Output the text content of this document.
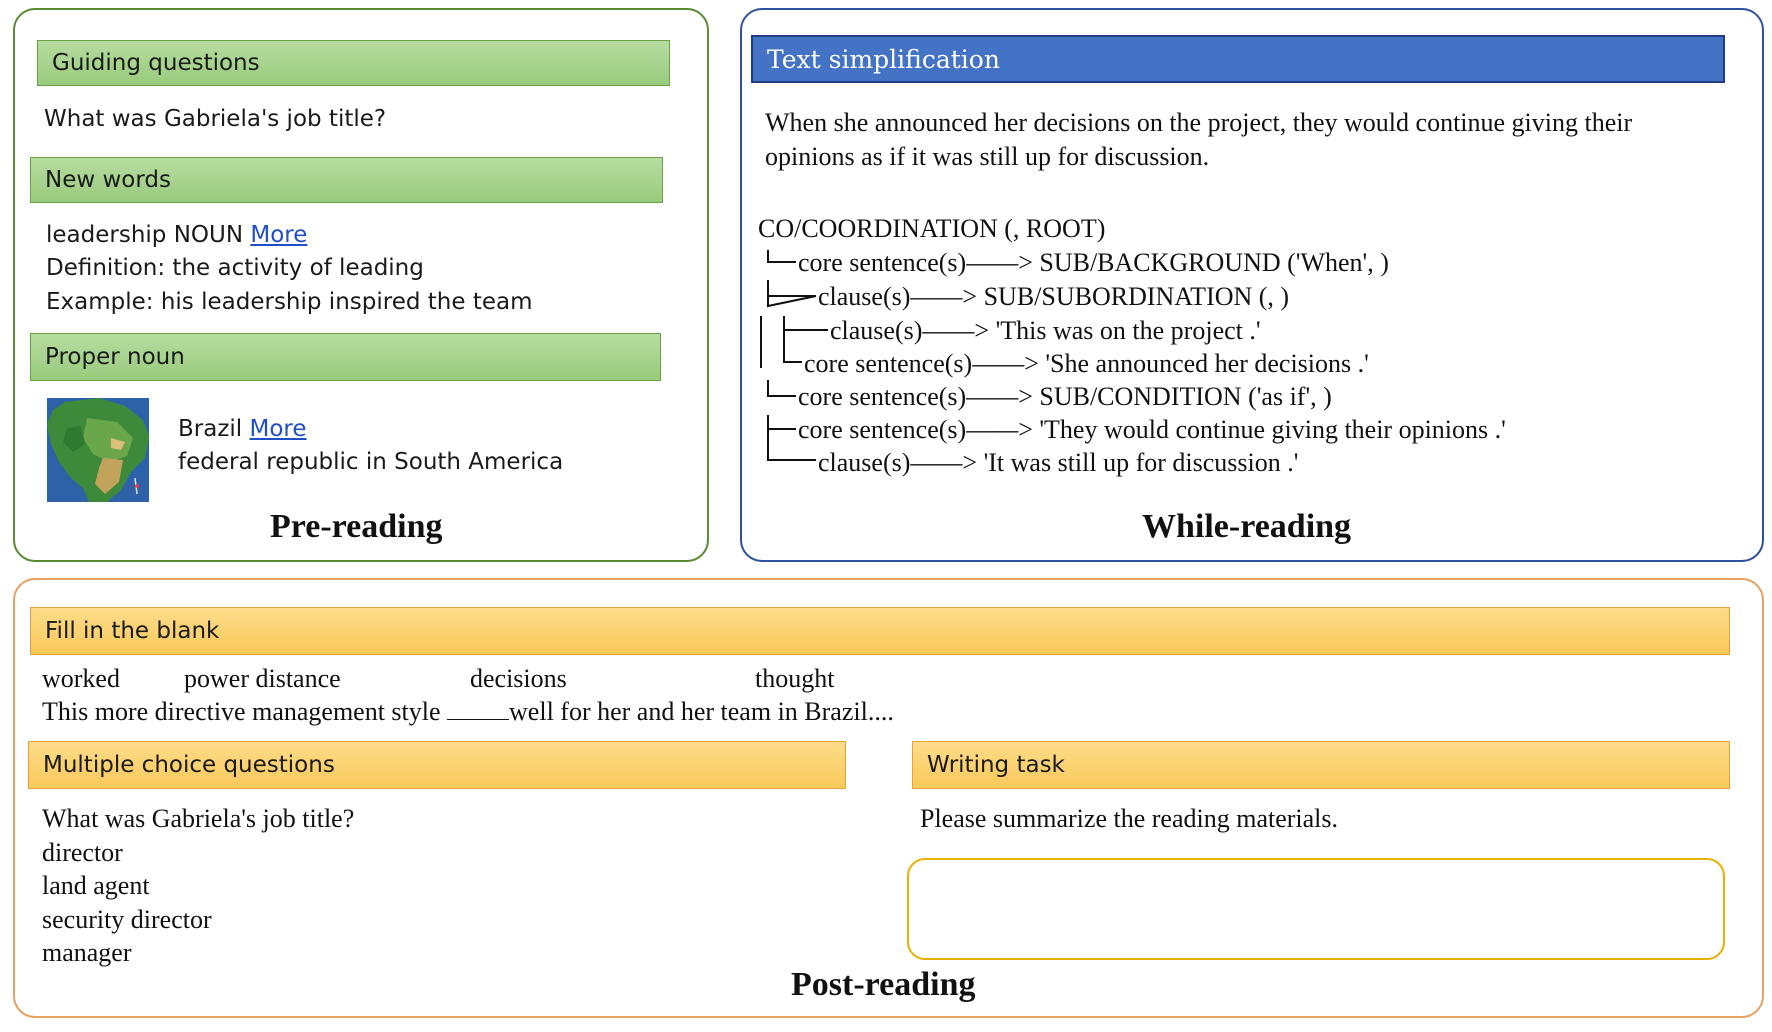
Guiding questions
What was Gabriela's job title?
New words
leadership NOUN More
Definition: the activity of leading
Example: his leadership inspired the team
Proper noun
Brazil More
federal republic in South America
Pre-reading
Text simplification
When she announced her decisions on the project, they would continue giving their
opinions as if it was still up for discussion.
CO/COORDINATION (, ROOT)
core sentence(s)——> SUB/BACKGROUND ('When', )
clause(s)——> SUB/SUBORDINATION (, )
clause(s)——> 'This was on the project .'
core sentence(s)——> 'She announced her decisions .'
core sentence(s)——> SUB/CONDITION ('as if', )
core sentence(s)——> 'They would continue giving their opinions .'
clause(s)——> 'It was still up for discussion .'
While-reading
Fill in the blank
worked power distance	decisions	thought
This more directive management style	well for her and her team in Brazil....
Multiple choice questions
What was Gabriela's job title?
director
land agent
security director
manager
Writing task
Please summarize the reading materials.
Post-reading
